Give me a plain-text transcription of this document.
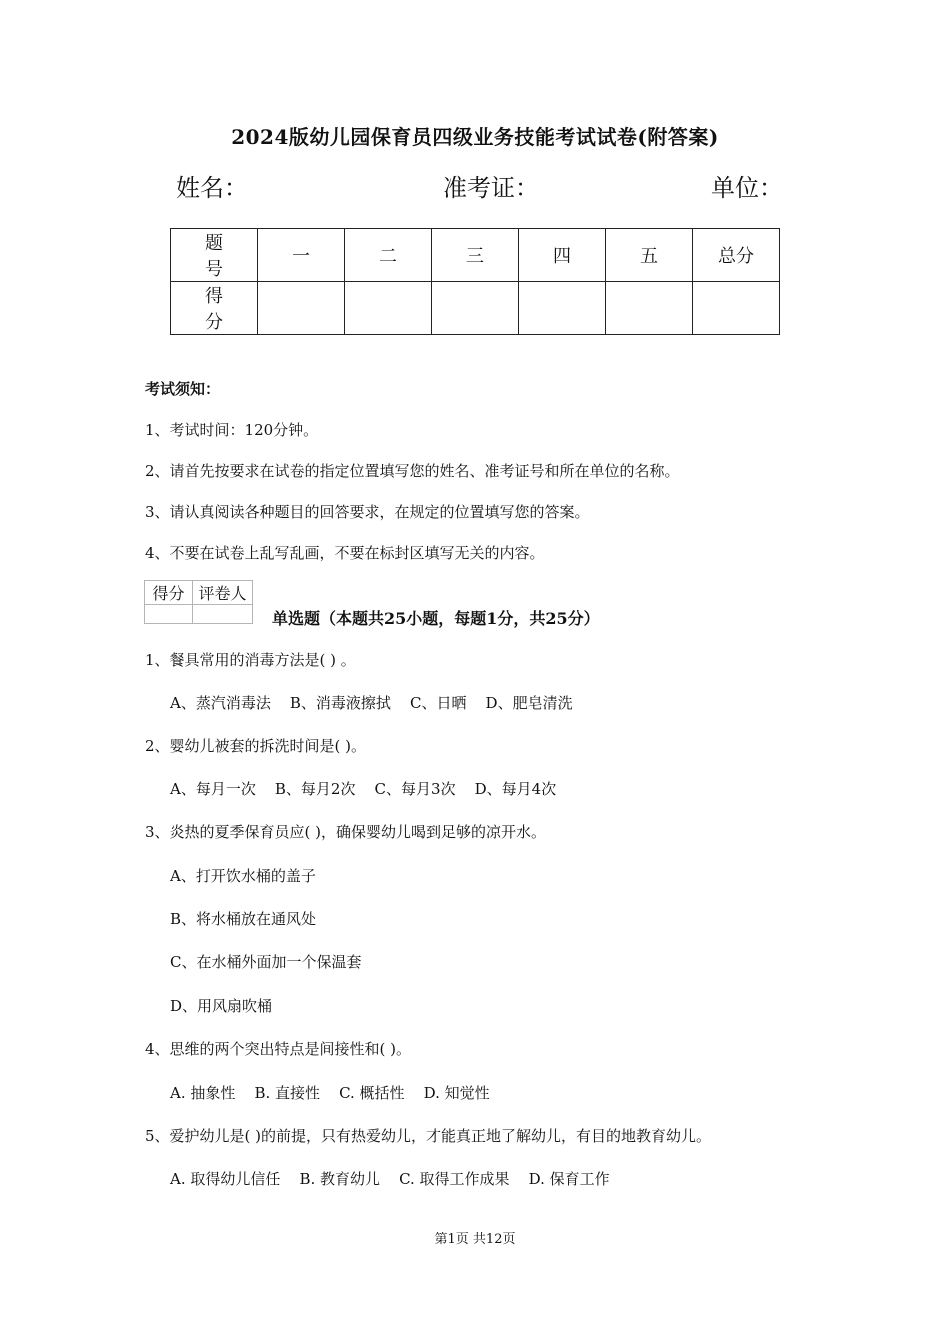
2024版幼儿园保育员四级业务技能考试试卷(附答案)
姓名：	准考证：	单位：
题 号	一	二	三	四	五	总分
得 分						
考试须知：
1、考试时间：120分钟。
2、请首先按要求在试卷的指定位置填写您的姓名、准考证号和所在单位的名称。
3、请认真阅读各种题目的回答要求，在规定的位置填写您的答案。
4、不要在试卷上乱写乱画，不要在标封区填写无关的内容。
得分	评卷人

单选题（本题共25小题，每题1分，共25分）
1、餐具常用的消毒方法是( ) 。
A、蒸汽消毒法    B、消毒液擦拭    C、日晒    D、肥皂清洗
2、婴幼儿被套的拆洗时间是( )。
A、每月一次    B、每月2次    C、每月3次    D、每月4次
3、炎热的夏季保育员应( )，确保婴幼儿喝到足够的凉开水。
A、打开饮水桶的盖子
B、将水桶放在通风处
C、在水桶外面加一个保温套
D、用风扇吹桶
4、思维的两个突出特点是间接性和( )。
A. 抽象性    B. 直接性    C. 概括性    D. 知觉性
5、爱护幼儿是( )的前提，只有热爱幼儿，才能真正地了解幼儿，有目的地教育幼儿。
A. 取得幼儿信任    B. 教育幼儿    C. 取得工作成果    D. 保育工作
第1页 共12页
